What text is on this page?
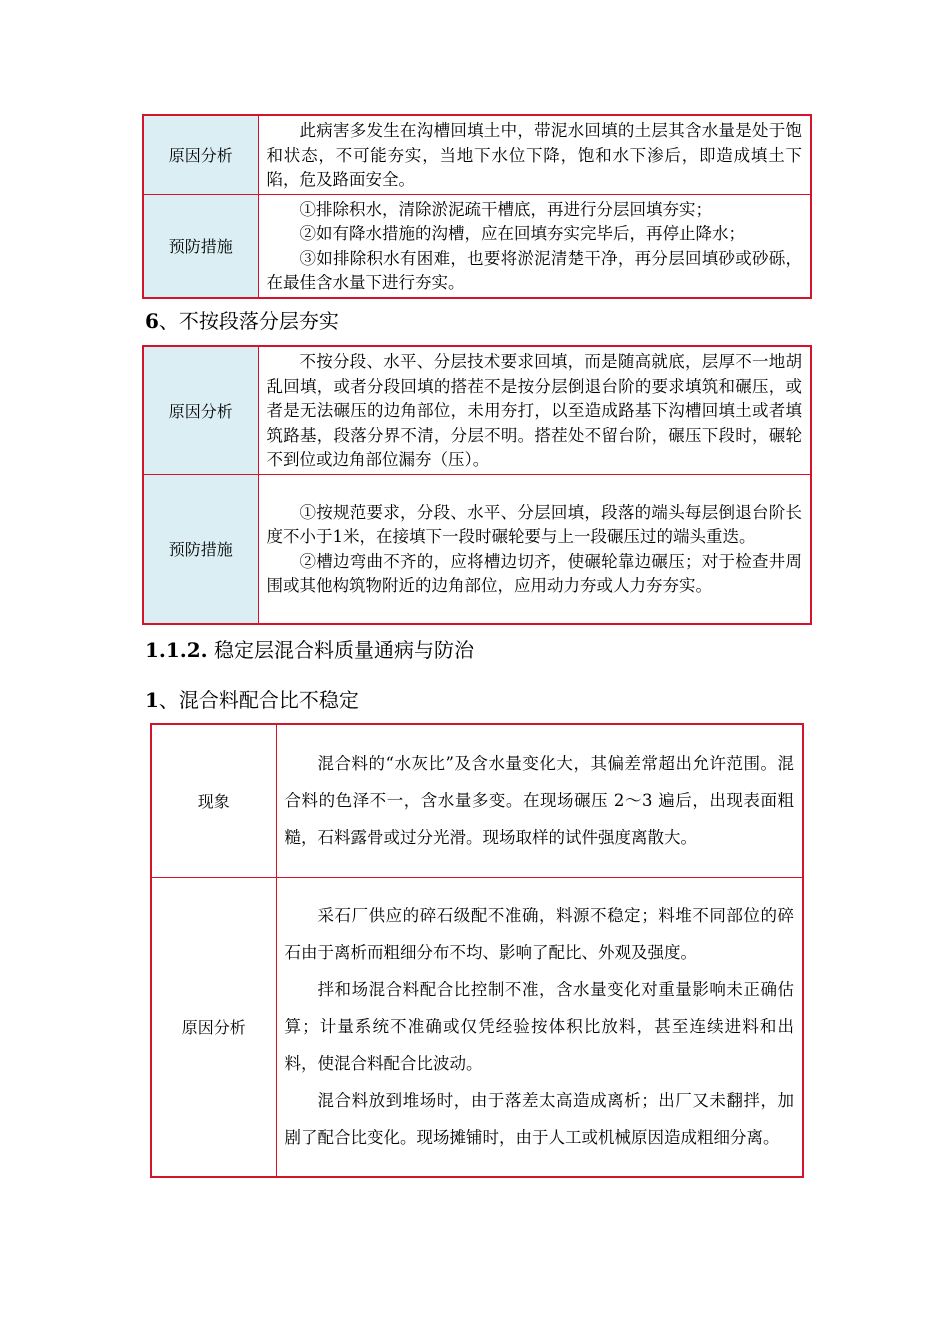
原因分析	此病害多发生在沟槽回填土中，带泥水回填的土层其含水量是处于饱和状态，不可能夯实，当地下水位下降，饱和水下渗后，即造成填土下陷，危及路面安全。

预防措施	①排除积水，清除淤泥疏干槽底，再进行分层回填夯实；

②如有降水措施的沟槽，应在回填夯实完毕后，再停止降水；

③如排除积水有困难，也要将淤泥清楚干净，再分层回填砂或砂砾，在最佳含水量下进行夯实。

6、不按段落分层夯实
原因分析	不按分段、水平、分层技术要求回填，而是随高就底，层厚不一地胡乱回填，或者分段回填的搭茬不是按分层倒退台阶的要求填筑和碾压，或者是无法碾压的边角部位，未用夯打，以至造成路基下沟槽回填土或者填筑路基，段落分界不清，分层不明。搭茬处不留台阶，碾压下段时，碾轮不到位或边角部位漏夯（压）。

预防措施	①按规范要求，分段、水平、分层回填，段落的端头每层倒退台阶长度不小于1米，在接填下一段时碾轮要与上一段碾压过的端头重迭。

②槽边弯曲不齐的，应将槽边切齐，使碾轮靠边碾压；对于检查井周围或其他构筑物附近的边角部位，应用动力夯或人力夯夯实。

1.1.2. 稳定层混合料质量通病与防治
1、混合料配合比不稳定
现象	混合料的“水灰比”及含水量变化大，其偏差常超出允许范围。混合料的色泽不一，含水量多变。在现场碾压 2～3 遍后，出现表面粗糙，石料露骨或过分光滑。现场取样的试件强度离散大。

原因分析	采石厂供应的碎石级配不准确，料源不稳定；料堆不同部位的碎石由于离析而粗细分布不均、影响了配比、外观及强度。

拌和场混合料配合比控制不准，含水量变化对重量影响未正确估算；计量系统不准确或仅凭经验按体积比放料，甚至连续进料和出料，使混合料配合比波动。

混合料放到堆场时，由于落差太高造成离析；出厂又未翻拌，加剧了配合比变化。现场摊铺时，由于人工或机械原因造成粗细分离。
